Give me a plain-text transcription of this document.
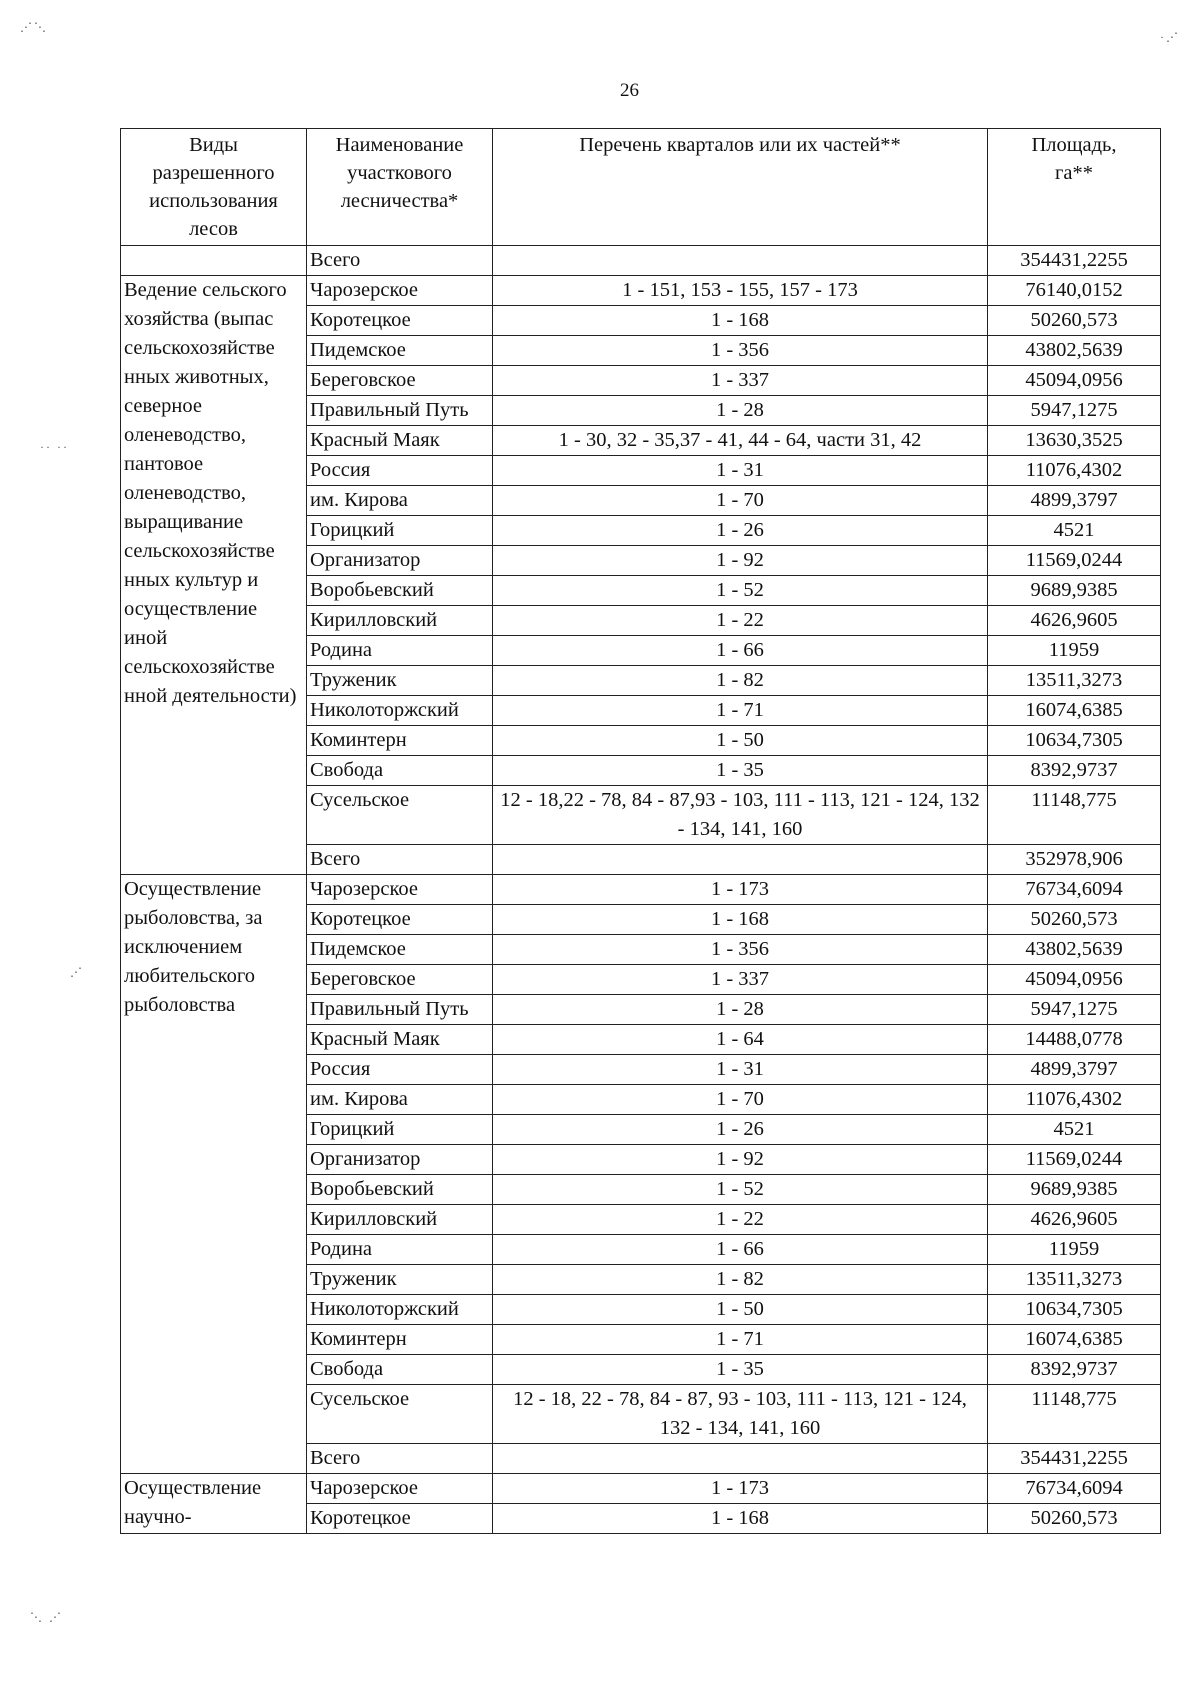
26
Виды разрешенного использования лесов	Наименование участкового лесничества*	Перечень кварталов или их частей**	Площадь, га**
	Всего		354431,2255
Ведение сельского хозяйства (выпас сельскохозяйстве нных животных, северное оленеводство, пантовое оленеводство, выращивание сельскохозяйстве нных культур и осуществление иной сельскохозяйстве нной деятельности)	Чарозерское	1 - 151, 153 - 155, 157 - 173	76140,0152
	Коротецкое	1 - 168	50260,573
	Пидемское	1 - 356	43802,5639
	Береговское	1 - 337	45094,0956
	Правильный Путь	1 - 28	5947,1275
	Красный Маяк	1 - 30, 32 - 35,37 - 41, 44 - 64, части 31, 42	13630,3525
	Россия	1 - 31	11076,4302
	им. Кирова	1 - 70	4899,3797
	Горицкий	1 - 26	4521
	Организатор	1 - 92	11569,0244
	Воробьевский	1 - 52	9689,9385
	Кирилловский	1 - 22	4626,9605
	Родина	1 - 66	11959
	Труженик	1 - 82	13511,3273
	Николоторжский	1 - 71	16074,6385
	Коминтерн	1 - 50	10634,7305
	Свобода	1 - 35	8392,9737
	Сусельское	12 - 18,22 - 78, 84 - 87,93 - 103, 111 - 113, 121 - 124, 132 - 134, 141, 160	11148,775
	Всего		352978,906
Осуществление рыболовства, за исключением любительского рыболовства	Чарозерское	1 - 173	76734,6094
	Коротецкое	1 - 168	50260,573
	Пидемское	1 - 356	43802,5639
	Береговское	1 - 337	45094,0956
	Правильный Путь	1 - 28	5947,1275
	Красный Маяк	1 - 64	14488,0778
	Россия	1 - 31	4899,3797
	им. Кирова	1 - 70	11076,4302
	Горицкий	1 - 26	4521
	Организатор	1 - 92	11569,0244
	Воробьевский	1 - 52	9689,9385
	Кирилловский	1 - 22	4626,9605
	Родина	1 - 66	11959
	Труженик	1 - 82	13511,3273
	Николоторжский	1 - 50	10634,7305
	Коминтерн	1 - 71	16074,6385
	Свобода	1 - 35	8392,9737
	Сусельское	12 - 18, 22 - 78, 84 - 87, 93 - 103, 111 - 113, 121 - 124, 132 - 134, 141, 160	11148,775
	Всего		354431,2255
Осуществление научно-	Чарозерское	1 - 173	76734,6094
	Коротецкое	1 - 168	50260,573
⋰⋱
·⋰
·· ··
⋰
⋱ ⋰
